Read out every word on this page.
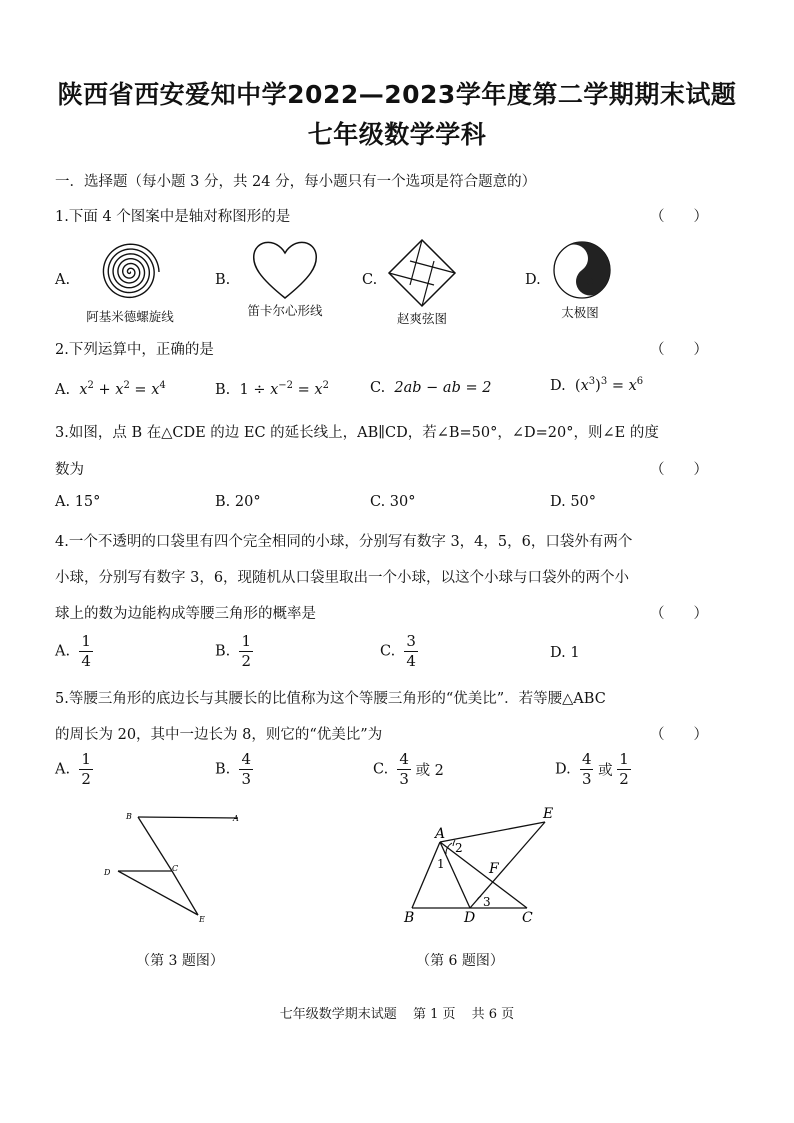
陕西省西安爱知中学2022—2023学年度第二学期期末试题
七年级数学学科
一．选择题（每小题 3 分，共 24 分，每小题只有一个选项是符合题意的）
1.下面 4 个图案中是轴对称图形的是	（　　）
A.
阿基米德螺旋线
B.
笛卡尔心形线
C.
赵爽弦图
D.
太极图
2.下列运算中，正确的是	（　　）
A. $x^2 + x^2 = x^4$	B.  $1 \div x^{-2} = x^2$	C. 2ab − ab = 2	D.  $(x^3)^3 = x^6$
3.如图，点 B 在△CDE 的边 EC 的延长线上，AB∥CD，若∠B=50°，∠D=20°，则∠E 的度
数为	（　　）
A. 15°	B. 20°	C. 30°	D. 50°
4.一个不透明的口袋里有四个完全相同的小球，分别写有数字 3，4，5，6，口袋外有两个
小球，分别写有数字 3，6，现随机从口袋里取出一个小球，以这个小球与口袋外的两个小
球上的数为边能构成等腰三角形的概率是	（　　）
A. $\frac{1}{4}$	B. $\frac{1}{2}$	C. $\frac{3}{4}$	D. 1
5.等腰三角形的底边长与其腰长的比值称为这个等腰三角形的“优美比”．若等腰△ABC
的周长为 20，其中一边长为 8，则它的“优美比”为	（　　）
A. $\frac{1}{2}$	B. $\frac{4}{3}$	C. $\frac{4}{3}$ 或 2	D. $\frac{4}{3}$ 或 $\frac{1}{2}$
B	A
C
D
E
（第 3 题图）
A
E
F
B	D	C
1
2
3
（第 6 题图）
七年级数学期末试题 第 1 页 共 6 页
